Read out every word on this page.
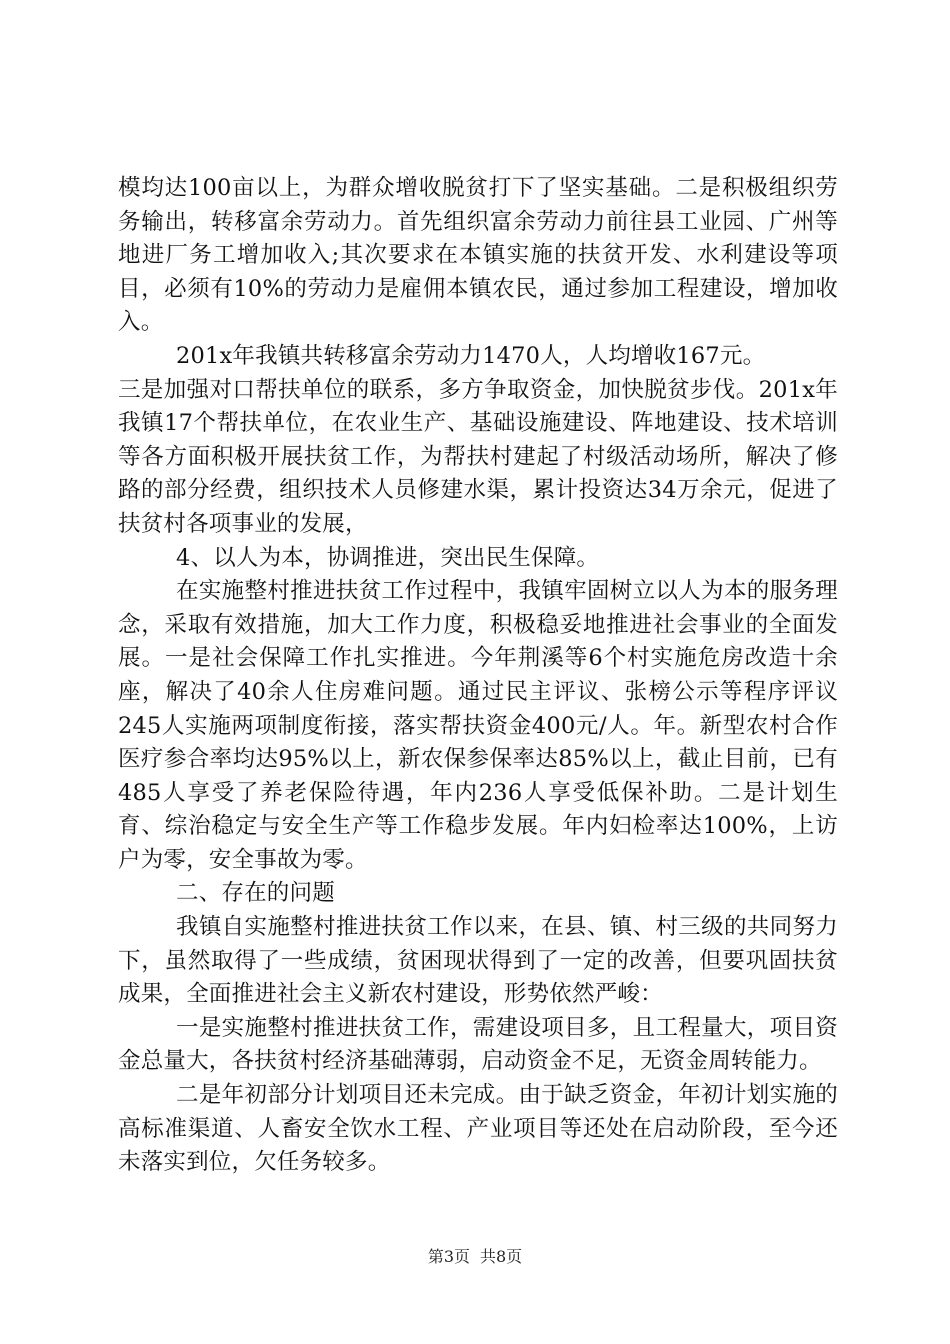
模均达100亩以上，为群众增收脱贫打下了坚实基础。二是积极组织劳务输出，转移富余劳动力。首先组织富余劳动力前往县工业园、广州等地进厂务工增加收入;其次要求在本镇实施的扶贫开发、水利建设等项目，必须有10%的劳动力是雇佣本镇农民，通过参加工程建设，增加收入。

201x年我镇共转移富余劳动力1470人，人均增收167元。

三是加强对口帮扶单位的联系，多方争取资金，加快脱贫步伐。201x年我镇17个帮扶单位，在农业生产、基础设施建设、阵地建设、技术培训等各方面积极开展扶贫工作，为帮扶村建起了村级活动场所，解决了修路的部分经费，组织技术人员修建水渠，累计投资达34万余元，促进了扶贫村各项事业的发展，

4、以人为本，协调推进，突出民生保障。

在实施整村推进扶贫工作过程中，我镇牢固树立以人为本的服务理念，采取有效措施，加大工作力度，积极稳妥地推进社会事业的全面发展。一是社会保障工作扎实推进。今年荆溪等6个村实施危房改造十余座，解决了40余人住房难问题。通过民主评议、张榜公示等程序评议245人实施两项制度衔接，落实帮扶资金400元/人。年。新型农村合作医疗参合率均达95%以上，新农保参保率达85%以上，截止目前，已有485人享受了养老保险待遇，年内236人享受低保补助。二是计划生育、综治稳定与安全生产等工作稳步发展。年内妇检率达100%，上访户为零，安全事故为零。

二、存在的问题

我镇自实施整村推进扶贫工作以来，在县、镇、村三级的共同努力下，虽然取得了一些成绩，贫困现状得到了一定的改善，但要巩固扶贫成果，全面推进社会主义新农村建设，形势依然严峻：

一是实施整村推进扶贫工作，需建设项目多，且工程量大，项目资金总量大，各扶贫村经济基础薄弱，启动资金不足，无资金周转能力。

二是年初部分计划项目还未完成。由于缺乏资金，年初计划实施的高标准渠道、人畜安全饮水工程、产业项目等还处在启动阶段，至今还未落实到位，欠任务较多。

第3页 共8页
